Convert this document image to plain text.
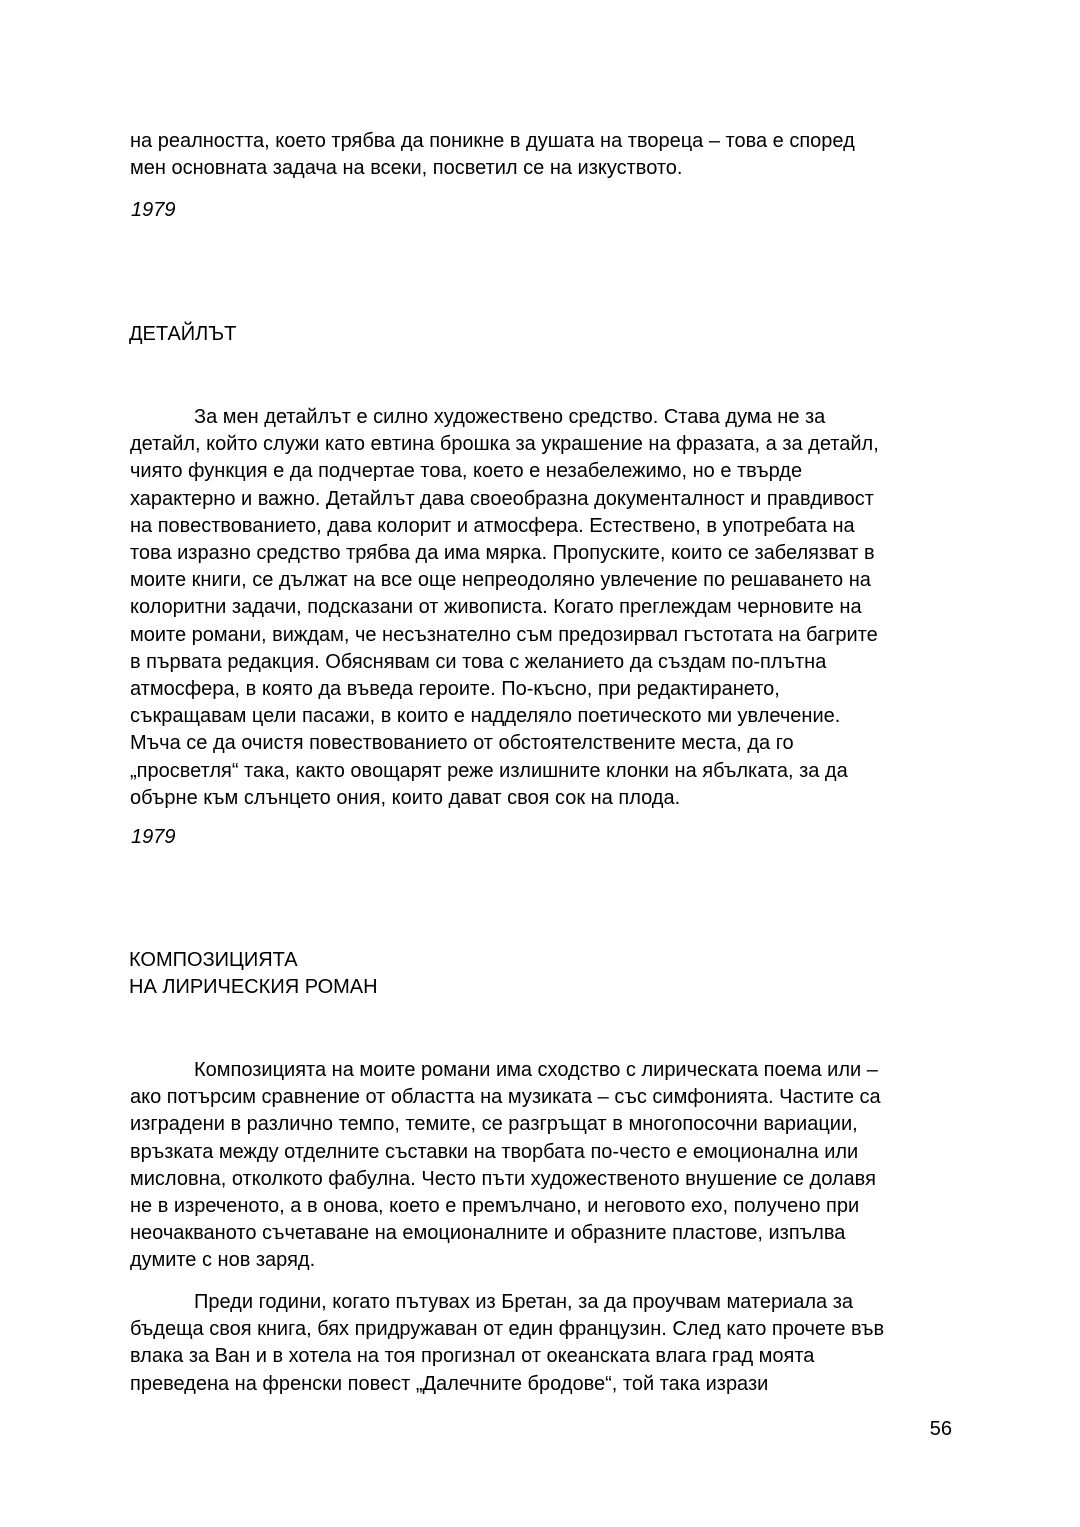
на реалността, което трябва да поникне в душата на твореца – това е според
мен основната задача на всеки, посветил се на изкуството.

1979

ДЕТАЙЛЪТ

За мен детайлът е силно художествено средство. Става дума не за
детайл, който служи като евтина брошка за украшение на фразата, а за детайл,
чиято функция е да подчертае това, което е незабележимо, но е твърде
характерно и важно. Детайлът дава своеобразна документалност и правдивост
на повествованието, дава колорит и атмосфера. Естествено, в употребата на
това изразно средство трябва да има мярка. Пропуските, които се забелязват в
моите книги, се дължат на все още непреодоляно увлечение по решаването на
колоритни задачи, подсказани от живописта. Когато преглеждам черновите на
моите романи, виждам, че несъзнателно съм предозирвал гъстотата на багрите
в първата редакция. Обяснявам си това с желанието да създам по-плътна
атмосфера, в която да въведа героите. По-късно, при редактирането,
съкращавам цели пасажи, в които е надделяло поетическото ми увлечение.
Мъча се да очистя повествованието от обстоятелствените места, да го
„просветля“ така, както овощарят реже излишните клонки на ябълката, за да
обърне към слънцето ония, които дават своя сок на плода.

1979

КОМПОЗИЦИЯТА
НА ЛИРИЧЕСКИЯ РОМАН

Композицията на моите романи има сходство с лирическата поема или –
ако потърсим сравнение от областта на музиката – със симфонията. Частите са
изградени в различно темпо, темите, се разгръщат в многопосочни вариации,
връзката между отделните съставки на творбата по-често е емоционална или
мисловна, отколкото фабулна. Често пъти художественото внушение се долавя
не в изреченото, а в онова, което е премълчано, и неговото ехо, получено при
неочакваното съчетаване на емоционалните и образните пластове, изпълва
думите с нов заряд.

Преди години, когато пътувах из Бретан, за да проучвам материала за
бъдеща своя книга, бях придружаван от един французин. След като прочете във
влака за Ван и в хотела на тоя прогизнал от океанската влага град моята
преведена на френски повест „Далечните бродове“, той така изрази

56
